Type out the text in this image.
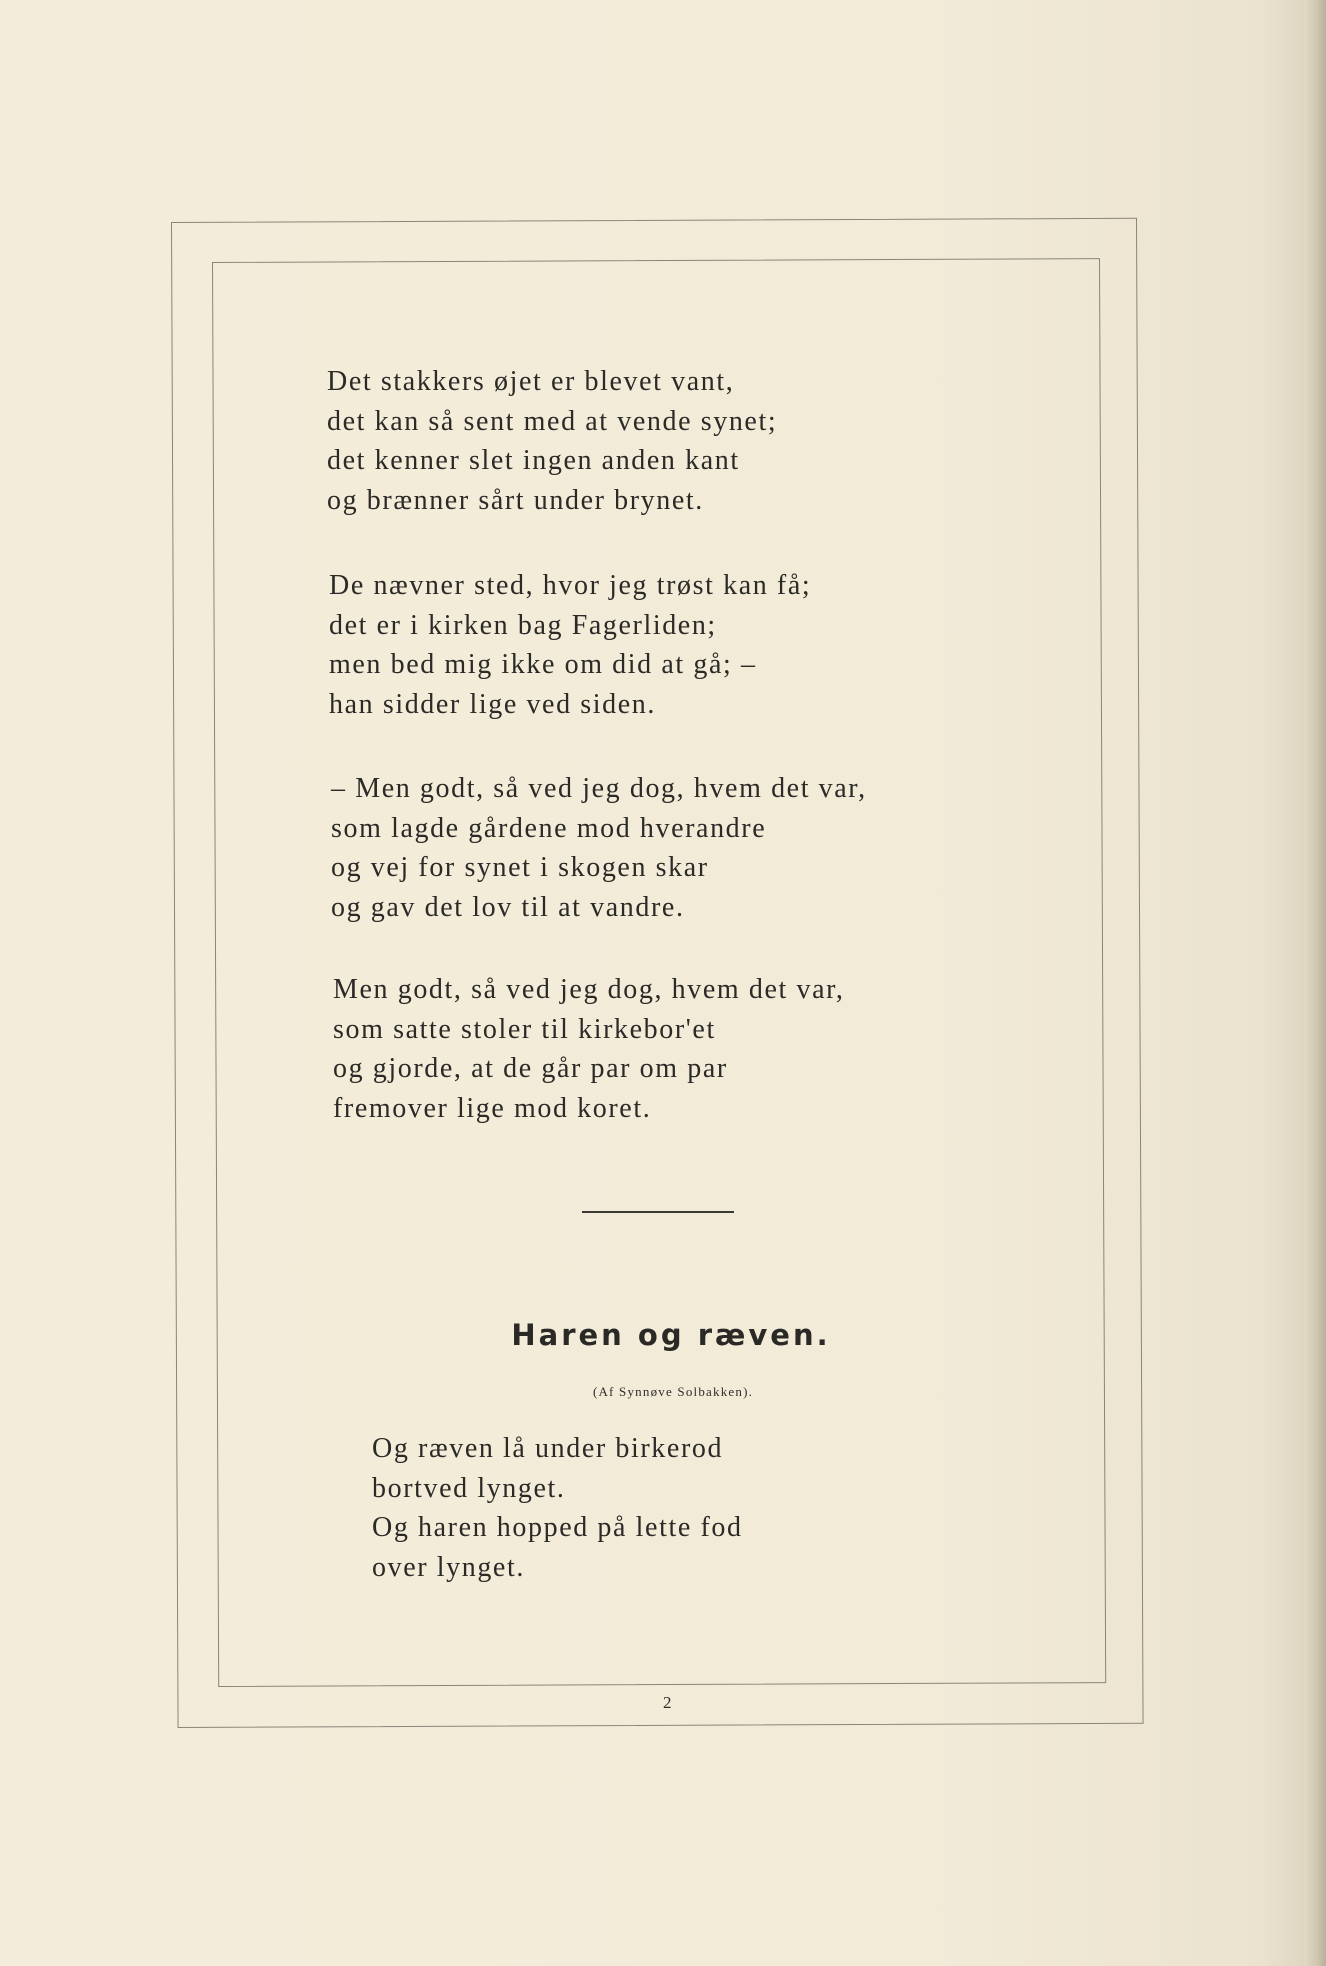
Det stakkers øjet er blevet vant,
det kan så sent med at vende synet;
det kenner slet ingen anden kant
og brænner sårt under brynet.
De nævner sted, hvor jeg trøst kan få;
det er i kirken bag Fagerliden;
men bed mig ikke om did at gå; –
han sidder lige ved siden.
– Men godt, så ved jeg dog, hvem det var,
som lagde gårdene mod hverandre
og vej for synet i skogen skar
og gav det lov til at vandre.
Men godt, så ved jeg dog, hvem det var,
som satte stoler til kirkebor'et
og gjorde, at de går par om par
fremover lige mod koret.
Haren og ræven.
(Af Synnøve Solbakken).
Og ræven lå under birkerod
bortved lynget.
Og haren hopped på lette fod
over lynget.
2
